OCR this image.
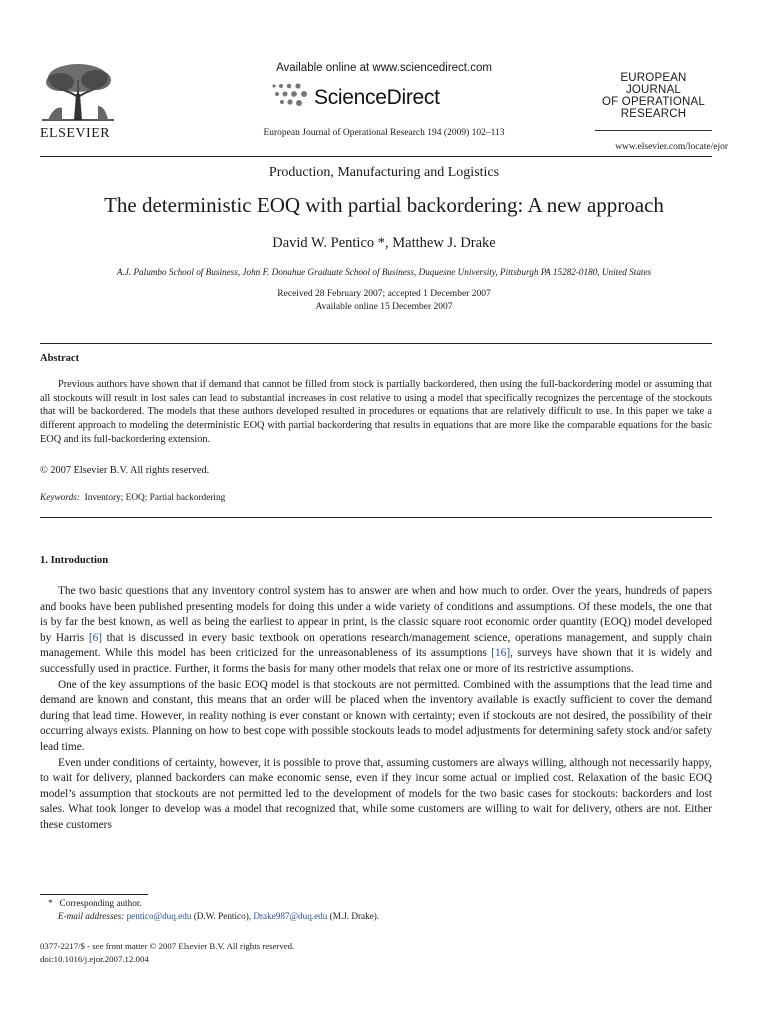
ELSEVIER
Available online at www.sciencedirect.com
ScienceDirect
European Journal of Operational Research 194 (2009) 102–113
EUROPEAN
JOURNAL
OF OPERATIONAL
RESEARCH
www.elsevier.com/locate/ejor
Production, Manufacturing and Logistics
The deterministic EOQ with partial backordering: A new approach
David W. Pentico *, Matthew J. Drake
A.J. Palumbo School of Business, John F. Donahue Graduate School of Business, Duquesne University, Pittsburgh PA 15282-0180, United States
Received 28 February 2007; accepted 1 December 2007
Available online 15 December 2007
Abstract

Previous authors have shown that if demand that cannot be filled from stock is partially backordered, then using the full-backordering model or assuming that all stockouts will result in lost sales can lead to substantial increases in cost relative to using a model that specifically recognizes the percentage of the stockouts that will be backordered. The models that these authors developed resulted in procedures or equations that are relatively difficult to use. In this paper we take a different approach to modeling the deterministic EOQ with partial backordering that results in equations that are more like the comparable equations for the basic EOQ and its full-backordering extension.

© 2007 Elsevier B.V. All rights reserved.
Keywords: Inventory; EOQ; Partial backordering
1. Introduction

The two basic questions that any inventory control system has to answer are when and how much to order. Over the years, hundreds of papers and books have been published presenting models for doing this under a wide variety of conditions and assumptions. Of these models, the one that is by far the best known, as well as being the earliest to appear in print, is the classic square root economic order quantity (EOQ) model developed by Harris [6] that is discussed in every basic textbook on operations research/management science, operations management, and supply chain management. While this model has been criticized for the unreasonableness of its assumptions [16], surveys have shown that it is widely and successfully used in practice. Further, it forms the basis for many other models that relax one or more of its restrictive assumptions.

One of the key assumptions of the basic EOQ model is that stockouts are not permitted. Combined with the assumptions that the lead time and demand are known and constant, this means that an order will be placed when the inventory available is exactly sufficient to cover the demand during that lead time. However, in reality nothing is ever constant or known with certainty; even if stockouts are not desired, the possibility of their occurring always exists. Planning on how to best cope with possible stockouts leads to model adjustments for determining safety stock and/or safety lead time.

Even under conditions of certainty, however, it is possible to prove that, assuming customers are always willing, although not necessarily happy, to wait for delivery, planned backorders can make economic sense, even if they incur some actual or implied cost. Relaxation of the basic EOQ model’s assumption that stockouts are not permitted led to the development of models for the two basic cases for stockouts: backorders and lost sales. What took longer to develop was a model that recognized that, while some customers are willing to wait for delivery, others are not. Either these customers

* Corresponding author.
E-mail addresses: pentico@duq.edu (D.W. Pentico), Drake987@duq.edu (M.J. Drake).
0377-2217/$ - see front matter © 2007 Elsevier B.V. All rights reserved.
doi:10.1016/j.ejor.2007.12.004
